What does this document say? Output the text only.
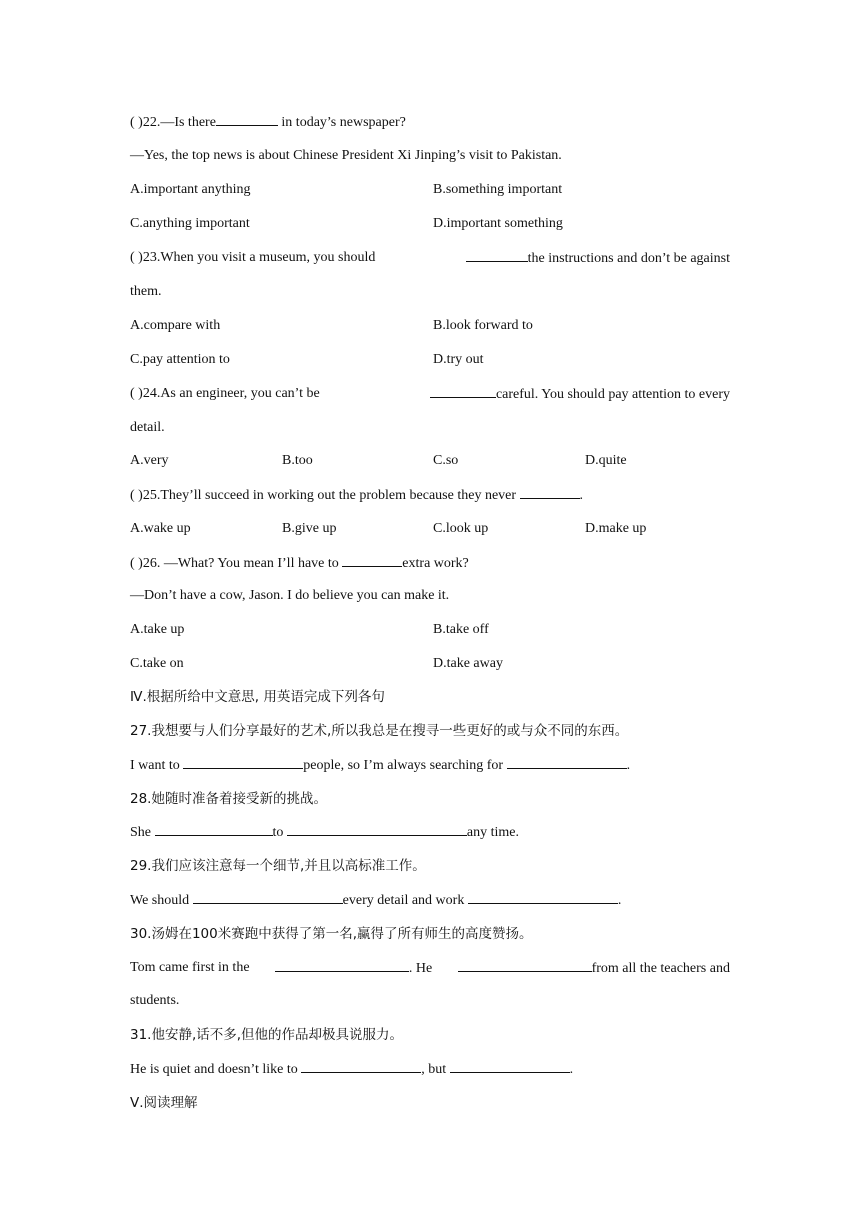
( )22.—Is there	in today’s newspaper?
—Yes, the top news is about Chinese President Xi Jinping’s visit to Pakistan.
A.important anything	B.something important
C.anything important	D.important something
( )23.When you visit a museum, you should	the instructions and don’t be against
them.
A.compare with	B.look forward to
C.pay attention to	D.try out
( )24.As an engineer, you can’t be	careful. You should pay attention to every
detail.
A.very	B.too	C.so	D.quite
( )25.They’ll succeed in working out the problem because they never	.
A.wake up	B.give up	C.look up	D.make up
( )26. —What? You mean I’ll have to	extra work?
—Don’t have a cow, Jason. I do believe you can make it.
A.take up	B.take off
C.take on	D.take away
Ⅳ.根据所给中文意思, 用英语完成下列各句
27.我想要与人们分享最好的艺术,所以我总是在搜寻一些更好的或与众不同的东西。
I want to	people, so I’m always searching for	.
28.她随时准备着接受新的挑战。
She	to	any time.
29.我们应该注意每一个细节,并且以高标准工作。
We should	every detail and work	.
30.汤姆在100米赛跑中获得了第一名,赢得了所有师生的高度赞扬。
Tom came first in the	. He	from all the teachers and
students.
31.他安静,话不多,但他的作品却极具说服力。
He is quiet and doesn’t like to	, but	.
Ⅴ.阅读理解
